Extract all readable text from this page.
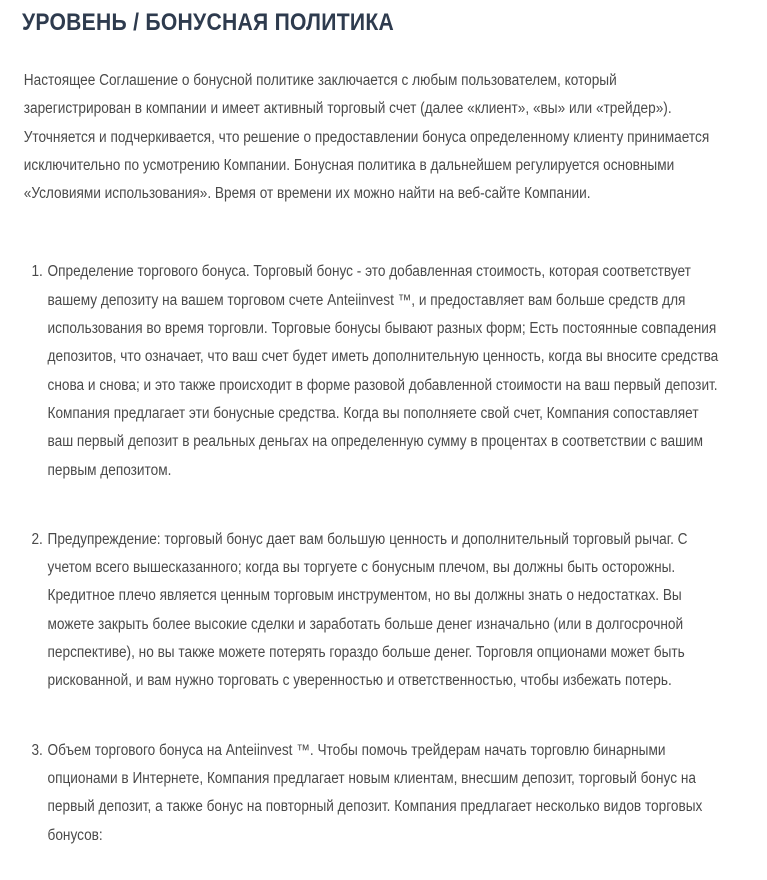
УРОВЕНЬ / БОНУСНАЯ ПОЛИТИКА

Настоящее Соглашение о бонусной политике заключается с любым пользователем, который зарегистрирован в компании и имеет активный торговый счет (далее «клиент», «вы» или «трейдер»). Уточняется и подчеркивается, что решение о предоставлении бонуса определенному клиенту принимается исключительно по усмотрению Компании. Бонусная политика в дальнейшем регулируется основными «Условиями использования». Время от времени их можно найти на веб-сайте Компании.

1. Определение торгового бонуса. Торговый бонус - это добавленная стоимость, которая соответствует вашему депозиту на вашем торговом счете Anteiinvest ™, и предоставляет вам больше средств для использования во время торговли. Торговые бонусы бывают разных форм; Есть постоянные совпадения депозитов, что означает, что ваш счет будет иметь дополнительную ценность, когда вы вносите средства снова и снова; и это также происходит в форме разовой добавленной стоимости на ваш первый депозит. Компания предлагает эти бонусные средства. Когда вы пополняете свой счет, Компания сопоставляет ваш первый депозит в реальных деньгах на определенную сумму в процентах в соответствии с вашим первым депозитом.
2. Предупреждение: торговый бонус дает вам большую ценность и дополнительный торговый рычаг. С учетом всего вышесказанного; когда вы торгуете с бонусным плечом, вы должны быть осторожны. Кредитное плечо является ценным торговым инструментом, но вы должны знать о недостатках. Вы можете закрыть более высокие сделки и заработать больше денег изначально (или в долгосрочной перспективе), но вы также можете потерять гораздо больше денег. Торговля опционами может быть рискованной, и вам нужно торговать с уверенностью и ответственностью, чтобы избежать потерь.
3. Объем торгового бонуса на Anteiinvest ™. Чтобы помочь трейдерам начать торговлю бинарными опционами в Интернете, Компания предлагает новым клиентам, внесшим депозит, торговый бонус на первый депозит, а также бонус на повторный депозит. Компания предлагает несколько видов торговых бонусов:
